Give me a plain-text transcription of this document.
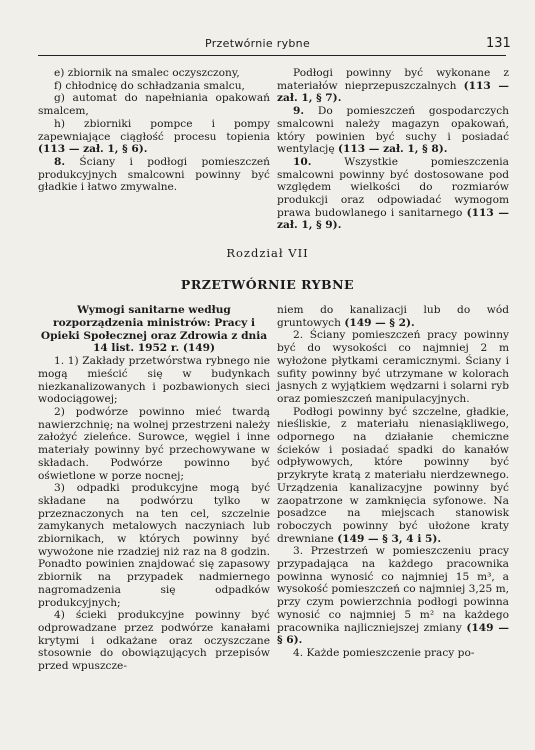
Przetwórnie rybne	131

e) zbiornik na smalec oczyszczony,

f) chłodnicę do schładzania smalcu,

g) automat do napełniania opakowań smalcem,

h) zbiorniki pompce i pompy zapewniające ciągłość procesu topienia (113 — zał. 1, § 6).

8. Ściany i podłogi pomieszczeń produkcyjnych smalcowni powinny być gładkie i łatwo zmywalne.

Podłogi powinny być wykonane z materiałów nieprzepuszczalnych (113 — zał. 1, § 7).

9. Do pomieszczeń gospodarczych smalcowni należy magazyn opakowań, który powinien być suchy i posiadać wentylację (113 — zał. 1, § 8).

10.	Wszystkie pomieszczenia smalcowni powinny być dostosowane pod względem wielkości do rozmiarów produkcji oraz odpowiadać wymogom prawa budowlanego i sanitarnego (113 — zał. 1, § 9).

Rozdział VII
PRZETWÓRNIE RYBNE

Wymogi sanitarne według rozporządzenia ministrów: Pracy i Opieki Społecznej oraz Zdrowia z dnia 14 list. 1952 r. (149)

1. 1) Zakłady przetwórstwa rybnego nie mogą mieścić się w budynkach niezkanalizowanych i pozbawionych sieci wodociągowej;

2) podwórze powinno mieć twardą nawierzchnię; na wolnej przestrzeni należy założyć zieleńce. Surowce, węgiel i inne materiały powinny być przechowywane w składach. Podwórze powinno być oświetlone w porze nocnej;

3) odpadki produkcyjne mogą być składane na podwórzu tylko w przeznaczonych na ten cel, szczelnie zamykanych metalowych naczyniach lub zbiornikach, w których powinny być wywożone nie rzadziej niż raz na 8 godzin. Ponadto powinien znajdować się zapasowy zbiornik na przypadek nadmiernego nagromadzenia się odpadków produkcyjnych;

4) ścieki produkcyjne powinny być odprowadzane przez podwórze kanałami krytymi i odkażane oraz oczyszczane stosownie do obowiązujących przepisów przed wpuszcze-

niem do kanalizacji lub do wód gruntowych (149 — § 2).

2. Ściany pomieszczeń pracy powinny być do wysokości co najmniej 2 m wyłożone płytkami ceramicznymi. Ściany i sufity powinny być utrzymane w kolorach jasnych z wyjątkiem wędzarni i solarni ryb oraz pomieszczeń manipulacyjnych.

Podłogi powinny być szczelne, gładkie, nieśliskie, z materiału nienasiąkliwego, odpornego na działanie chemiczne ścieków i posiadać spadki do kanałów odpływowych, które powinny być przykryte kratą z materiału nierdzewnego. Urządzenia kanalizacyjne powinny być zaopatrzone w zamknięcia syfonowe. Na posadzce na miejscach stanowisk roboczych powinny być ułożone kraty drewniane (149 — § 3, 4 i 5).

3. Przestrzeń w pomieszczeniu pracy przypadająca na każdego pracownika powinna wynosić co najmniej 15 m³, a wysokość pomieszczeń co najmniej 3,25 m, przy czym powierzchnia podłogi powinna wynosić co najmniej 5 m² na każdego pracownika najliczniejszej zmiany (149 — § 6).

4. Każde pomieszczenie pracy po-
